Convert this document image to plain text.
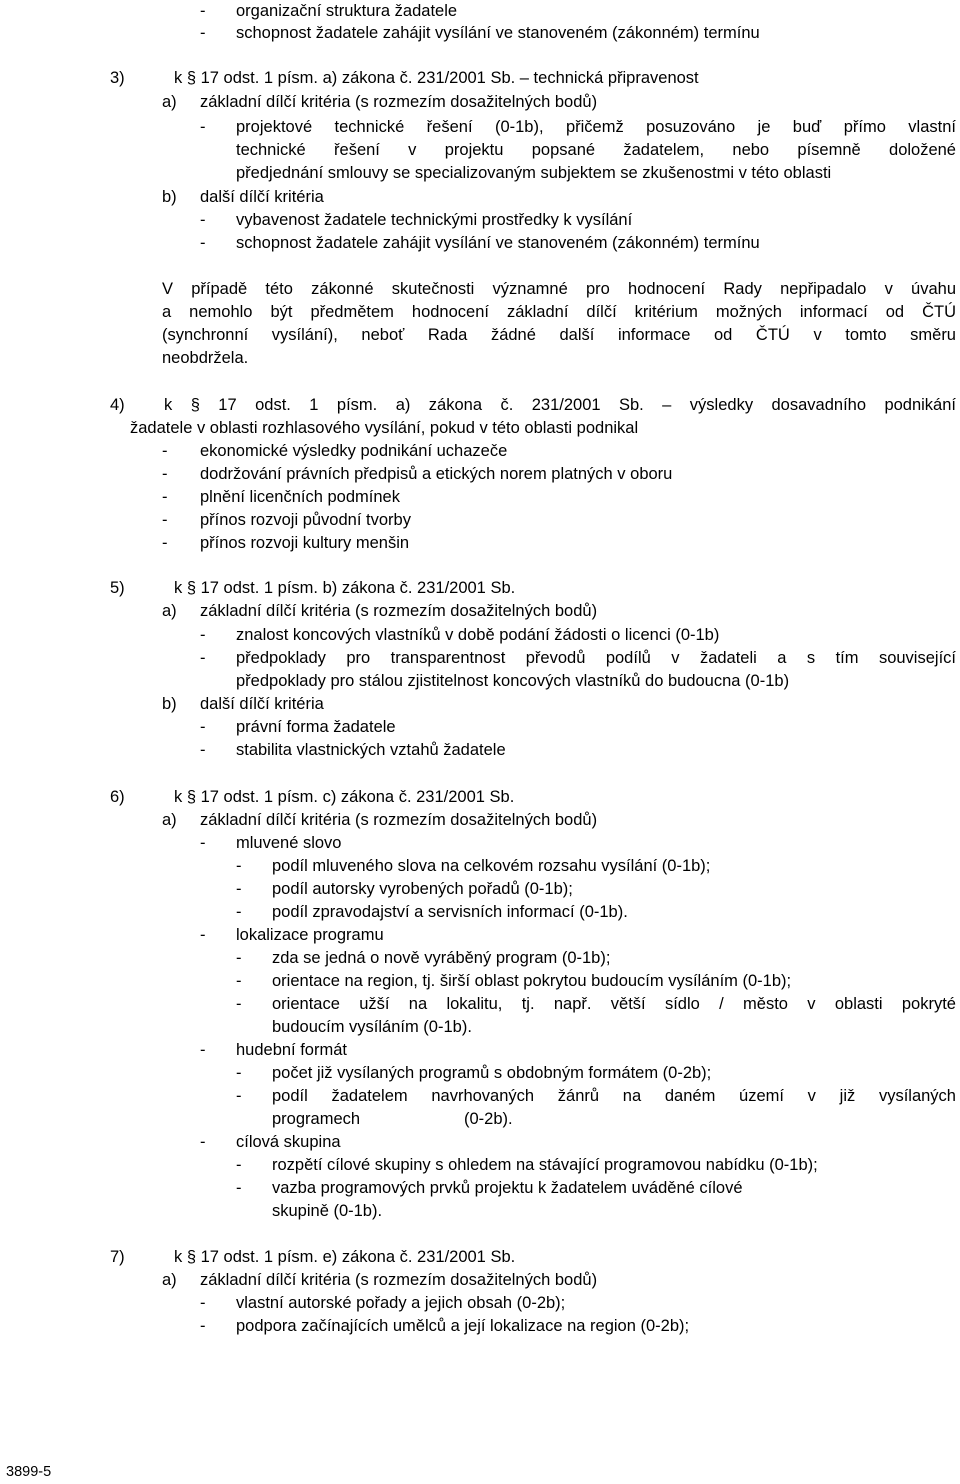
- organizační struktura žadatele
- schopnost žadatele zahájit vysílání ve stanoveném (zákonném) termínu
3)	k § 17 odst. 1 písm. a) zákona č. 231/2001 Sb. – technická připravenost
a) základní dílčí kritéria (s rozmezím dosažitelných bodů)
- projektové technické řešení (0-1b), přičemž posuzováno je buď přímo vlastní
technické řešení v projektu popsané žadatelem, nebo písemně doložené
předjednání smlouvy se specializovaným subjektem se zkušenostmi v této oblasti
b) další dílčí kritéria
- vybavenost žadatele technickými prostředky k vysílání
- schopnost žadatele zahájit vysílání ve stanoveném (zákonném) termínu
V případě této zákonné skutečnosti významné pro hodnocení Rady nepřipadalo v úvahu
a nemohlo být předmětem hodnocení základní dílčí kritérium možných informací od ČTÚ
(synchronní vysílání), neboť Rada žádné další informace od ČTÚ v tomto směru
neobdržela.
4) k § 17 odst. 1 písm. a) zákona č. 231/2001 Sb. – výsledky dosavadního podnikání
žadatele v oblasti rozhlasového vysílání, pokud v této oblasti podnikal
- ekonomické výsledky podnikání uchazeče
- dodržování právních předpisů a etických norem platných v oboru
- plnění licenčních podmínek
- přínos rozvoji původní tvorby
- přínos rozvoji kultury menšin
5)	k § 17 odst. 1 písm. b) zákona č. 231/2001 Sb.
a) základní dílčí kritéria (s rozmezím dosažitelných bodů)
- znalost koncových vlastníků v době podání žádosti o licenci (0-1b)
- předpoklady pro transparentnost převodů podílů v žadateli a s tím související
předpoklady pro stálou zjistitelnost koncových vlastníků do budoucna (0-1b)
b) další dílčí kritéria
- právní forma žadatele
- stabilita vlastnických vztahů žadatele
6)	k § 17 odst. 1 písm. c) zákona č. 231/2001 Sb.
a) základní dílčí kritéria (s rozmezím dosažitelných bodů)
- mluvené slovo
- podíl mluveného slova na celkovém rozsahu vysílání (0-1b);
- podíl autorsky vyrobených pořadů (0-1b);
- podíl zpravodajství a servisních informací (0-1b).
- lokalizace programu
- zda se jedná o nově vyráběný program (0-1b);
- orientace na region, tj. širší oblast pokrytou budoucím vysíláním (0-1b);
- orientace užší na lokalitu, tj. např. větší sídlo / město v oblasti pokryté
budoucím vysíláním (0-1b).
- hudební formát
- počet již vysílaných programů s obdobným formátem (0-2b);
- podíl žadatelem navrhovaných žánrů na daném území v již vysílaných
programech	(0-2b).
- cílová skupina
- rozpětí cílové skupiny s ohledem na stávající programovou nabídku (0-1b);
- vazba programových prvků projektu k žadatelem uváděné cílové
skupině (0-1b).
7)	k § 17 odst. 1 písm. e) zákona č. 231/2001 Sb.
a) základní dílčí kritéria (s rozmezím dosažitelných bodů)
- vlastní autorské pořady a jejich obsah (0-2b);
- podpora začínajících umělců a její lokalizace na region (0-2b);
3899-5
